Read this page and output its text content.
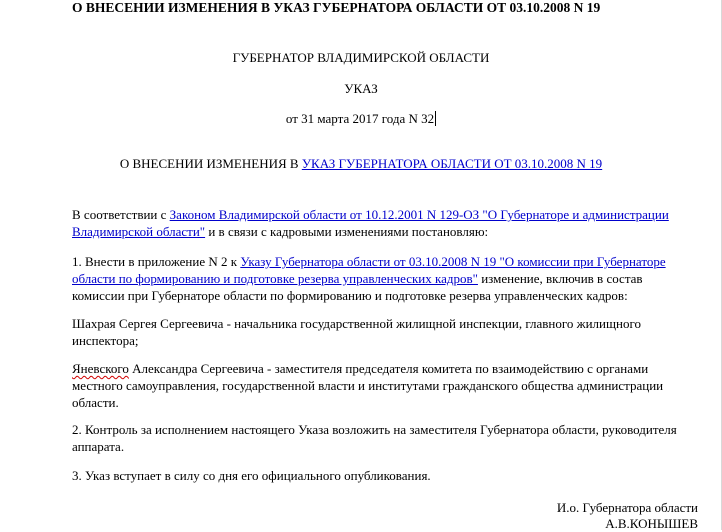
О ВНЕСЕНИИ ИЗМЕНЕНИЯ В УКАЗ ГУБЕРНАТОРА ОБЛАСТИ ОТ 03.10.2008 N 19
ГУБЕРНАТОР ВЛАДИМИРСКОЙ ОБЛАСТИ
УКАЗ
от 31 марта 2017 года N 32
О ВНЕСЕНИИ ИЗМЕНЕНИЯ В УКАЗ ГУБЕРНАТОРА ОБЛАСТИ ОТ 03.10.2008 N 19
В соответствии с Законом Владимирской области от 10.12.2001 N 129-ОЗ "О Губернаторе и администрации Владимирской области" и в связи с кадровыми изменениями постановляю:
1. Внести в приложение N 2 к Указу Губернатора области от 03.10.2008 N 19 "О комиссии при Губернаторе области по формированию и подготовке резерва управленческих кадров" изменение, включив в состав комиссии при Губернаторе области по формированию и подготовке резерва управленческих кадров:
Шахрая Сергея Сергеевича - начальника государственной жилищной инспекции, главного жилищного инспектора;
Яневского Александра Сергеевича - заместителя председателя комитета по взаимодействию с органами местного самоуправления, государственной власти и институтами гражданского общества администрации области.
2. Контроль за исполнением настоящего Указа возложить на заместителя Губернатора области, руководителя аппарата.
3. Указ вступает в силу со дня его официального опубликования.
И.о. Губернатора области
А.В.КОНЫШЕВ
